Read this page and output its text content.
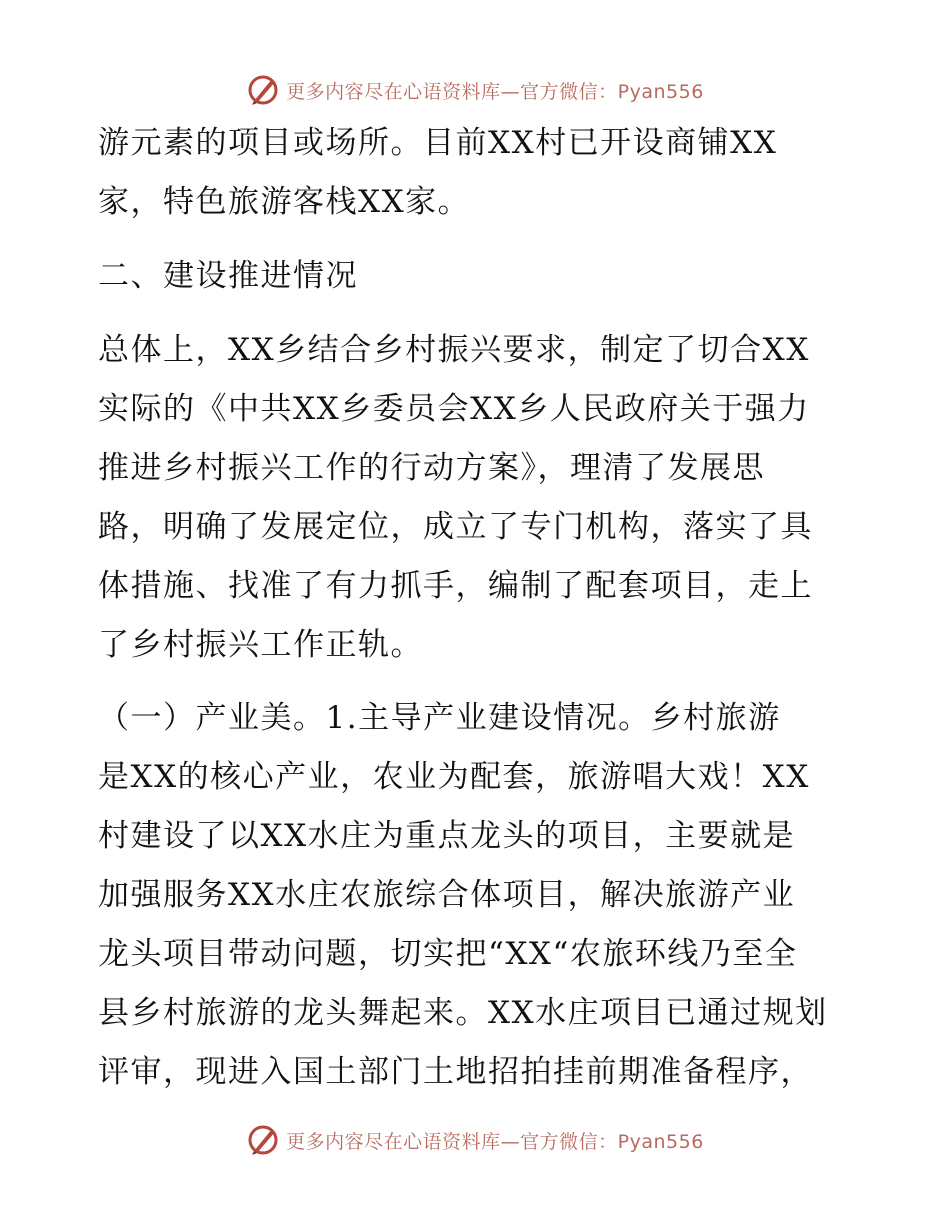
更多内容尽在心语资料库—官方微信：Pyan556
游元素的项目或场所。目前XX村已开设商铺XX
家，特色旅游客栈XX家。
二、建设推进情况
总体上，XX乡结合乡村振兴要求，制定了切合XX
实际的《中共XX乡委员会XX乡人民政府关于强力
推进乡村振兴工作的行动方案》，理清了发展思
路，明确了发展定位，成立了专门机构，落实了具
体措施、找准了有力抓手，编制了配套项目，走上
了乡村振兴工作正轨。
（一）产业美。1.主导产业建设情况。乡村旅游
是XX的核心产业，农业为配套，旅游唱大戏！XX
村建设了以XX水庄为重点龙头的项目，主要就是
加强服务XX水庄农旅综合体项目，解决旅游产业
龙头项目带动问题，切实把“XX“农旅环线乃至全
县乡村旅游的龙头舞起来。XX水庄项目已通过规划
评审，现进入国土部门土地招拍挂前期准备程序，
更多内容尽在心语资料库—官方微信：Pyan556
